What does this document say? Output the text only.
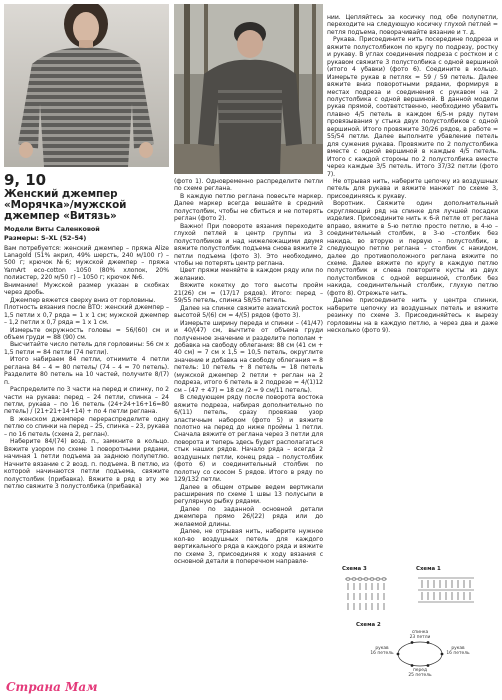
9, 10
Женский джемпер «Морячка»/мужской джемпер «Витязь»
Модели Виты Саленковой
Размеры: S–XL (52–54)

Вам потребуется: женский джемпер – пряжа Alize Lanagold (51% акрил, 49% шерсть, 240 м/100 г) – 500 г; крючок №6; мужской джемпер – пряжа YarnArt eco-cotton -1050 (80% хлопок, 20% полиэстер, 220 м/50 г) – 1050 г; крючок №6.

Внимание! Мужской размер указан в скобках через дробь.

Джемпер вяжется сверху вниз от горловины.

Плотность вязания после ВТО: женский джемпер – 1,5 петли х 0,7 ряда = 1 х 1 см; мужской джемпер – 1,2 петли х 0,7 ряда = 1 х 1 см.

Измерьте окружность головы = 56/(60) см и объем груди = 88 (90) см.

Высчитайте число петель для горловины: 56 см х 1,5 петли = 84 петли (74 петли).

Итого набираем 84 петли, отнимите 4 петли реглана 84 – 4 = 80 петель/ (74 – 4 = 70 петель). Разделите 80 петель на 10 частей, получите 8/(7) п.

Распределите по 3 части на перед и спинку, по 2 части на рукава: перед – 24 петли, спинка – 24 петли, рукава – по 16 петель (24+24+16+16=80 петель) / (21+21+14+14) + по 4 петли реглана.

В женском джемпере перераспределите одну петлю со спинки на перед – 25, спинка – 23, рукава – по 16 петель (схема 2, реглан).

Наберите 84/(74) возд. п., замкните в кольцо. Вяжите узором по схеме 1 поворотными рядами, начиная 1 петли подъема за заднюю полупетлю. Начните вязание с 2 возд. п. подъема. В петлю, из которой начинаются петли подъема, свяжите полустолбик (прибавка). Вяжите в ряд в эту же петлю свяжите 3 полустолбика (прибавка)

(фото 1). Одновременно распределите петли по схеме реглана.

В каждую петлю реглана повесьте маркер. Далее маркер всегда вешайте в средний полустолбик, чтобы не сбиться и не потерять реглан (фото 2).

Важно! При повороте вязания переходите глухой петлей в центр группы из 3 полустолбиков и над нижележащими двумя вяжите полустолбик подъема снова вяжите 2 петли подъема (фото 3). Это необходимо, чтобы не потерять центр реглана.

Цвет пряжи меняйте в каждом ряду или по желанию.

Вяжите кокетку до того высоты пройм 21(26) см = (17/17 рядов). Итого: перед – 59/55 петель, спинка 58/55 петель.

Далее на спинке свяжите азиатский росток высотой 5/(6) см = 4/(5) рядов (фото 3).

Измерьте ширину переда и спинки – (41/47) и 40/(47) см, вычтите от объема груди полученное значение и разделите пополам + добавка на свободу облегания: 88 см (41 см + 40 см) = 7 см х 1,5 = 10,5 петель, округлите значение и добавка на свободу облегания = 8 петель: 10 петель + 8 петель = 18 петель (мужской джемпер 2 петли + реглан на 2 подреза, итого 6 петель в 2 подрезе = 4/(1)12 см – (47 + 47) = 18 см /2 = 9 см/11 петель).

В следующем ряду после поворота востока вяжите подреза, набирая дополнительно по 6/(11) петель, сразу провязав узор эластичным набором (фото 5) и вяжите полотно на перед до ниже проймы 1 петли. Сначала вяжите от реглана через 3 петли для поворота и теперь здесь будет располагаться стык наших рядов. Начало ряда – всегда 2 воздушных петли, конец ряда – полустолбик (фото 6) и соединительный столбик по полотну со скосом 5 рядов. Итого в ряду по 129/132 петли.

Далее в общем отрыве ведем вертикали расширения по схеме 1 швы 13 полусыпи в регулярную рыбку рядами.

Далее по заданной основной детали джемпера прямо 26/(22) ряда или до желаемой длины.

Далее, не отрывая нить, наберите нужное кол-во воздушных петель для каждого вертикального ряда в каждого ряда и вяжите по схеме 3, присоединяя к ходу вязания с основной детали в поперечном направле-

нии. Цепляйтесь за косичку под обе полупетли, переходите на следующую косичку глухой петлей = петля подъема, поворачивайте вязание и т. д.

Рукава. Присоедините нить посередине подреза и вяжите полустолбиком по кругу по подрезу, ростку и рукаву. В углах соединения подреза с ростком и с рукавом свяжите 3 полустолбика с одной вершиной (итого 4 убавки) (фото 6). Соедините в кольцо. Измерьте рукав в петлях = 59 / 59 петель. Далее вяжите вниз поворотными рядами, формируя в местах подреза и соединения с рукавом на 2 полустолбика с одной вершиной. В данной модели рукав прямой, соответственно, необходимо убавить плавно 4/5 петель в каждом 6/5-м ряду путем провязывания у стыка двух полустолбиков с одной вершиной. Итого провяжите 30/26 рядов, в работе = 55/54 петли. Далее выполните убавление петель для сужения рукава. Провяжите по 2 полустолбика вместе с одной вершиной в каждые 4/5 петель. Итого с каждой стороны по 2 полустолбика вместе через каждые 3/5 петель. Итого 37/32 петли (фото 7).

Не отрывая нить, наберите цепочку из воздушных петель для рукава и вяжите манжет по схеме 3, присоединяясь к рукаву.

Воротник. Свяжите один дополнительный скругляющий ряд на спинке для лучшей посадки изделия. Присоедините нить к 6-й петле от реглана вправо, вяжите в 5-ю петлю просто петлю, в 4-ю – соединительный столбик, в 3-ю –столбик без накида, во вторую и первую – полустолбик, в следующую петлю реглана – столбик с накидом, далее до противоположного реглана вяжите по схеме. Далее вяжите по кругу в каждую петлю полустолбик и слева повторите кусты из двух полустолбиков с одной вершиной, столбик без накида, соединительный столбик, глухую петлю (фото 8). Отрежьте нить.

Далее присоедините нить у центра спинки, наберите цепочку из воздушных петель и вяжите резинку по схеме 3. Присоединяйтесь к вырезу горловины на в каждую петлю, а через два и даже несколько (фото 9).

Схема 3	Схема 1
Схема 2
спинка
23 петли
рукав
16 петель
рукав
16 петель
перед
25 петель
Страна Мам
